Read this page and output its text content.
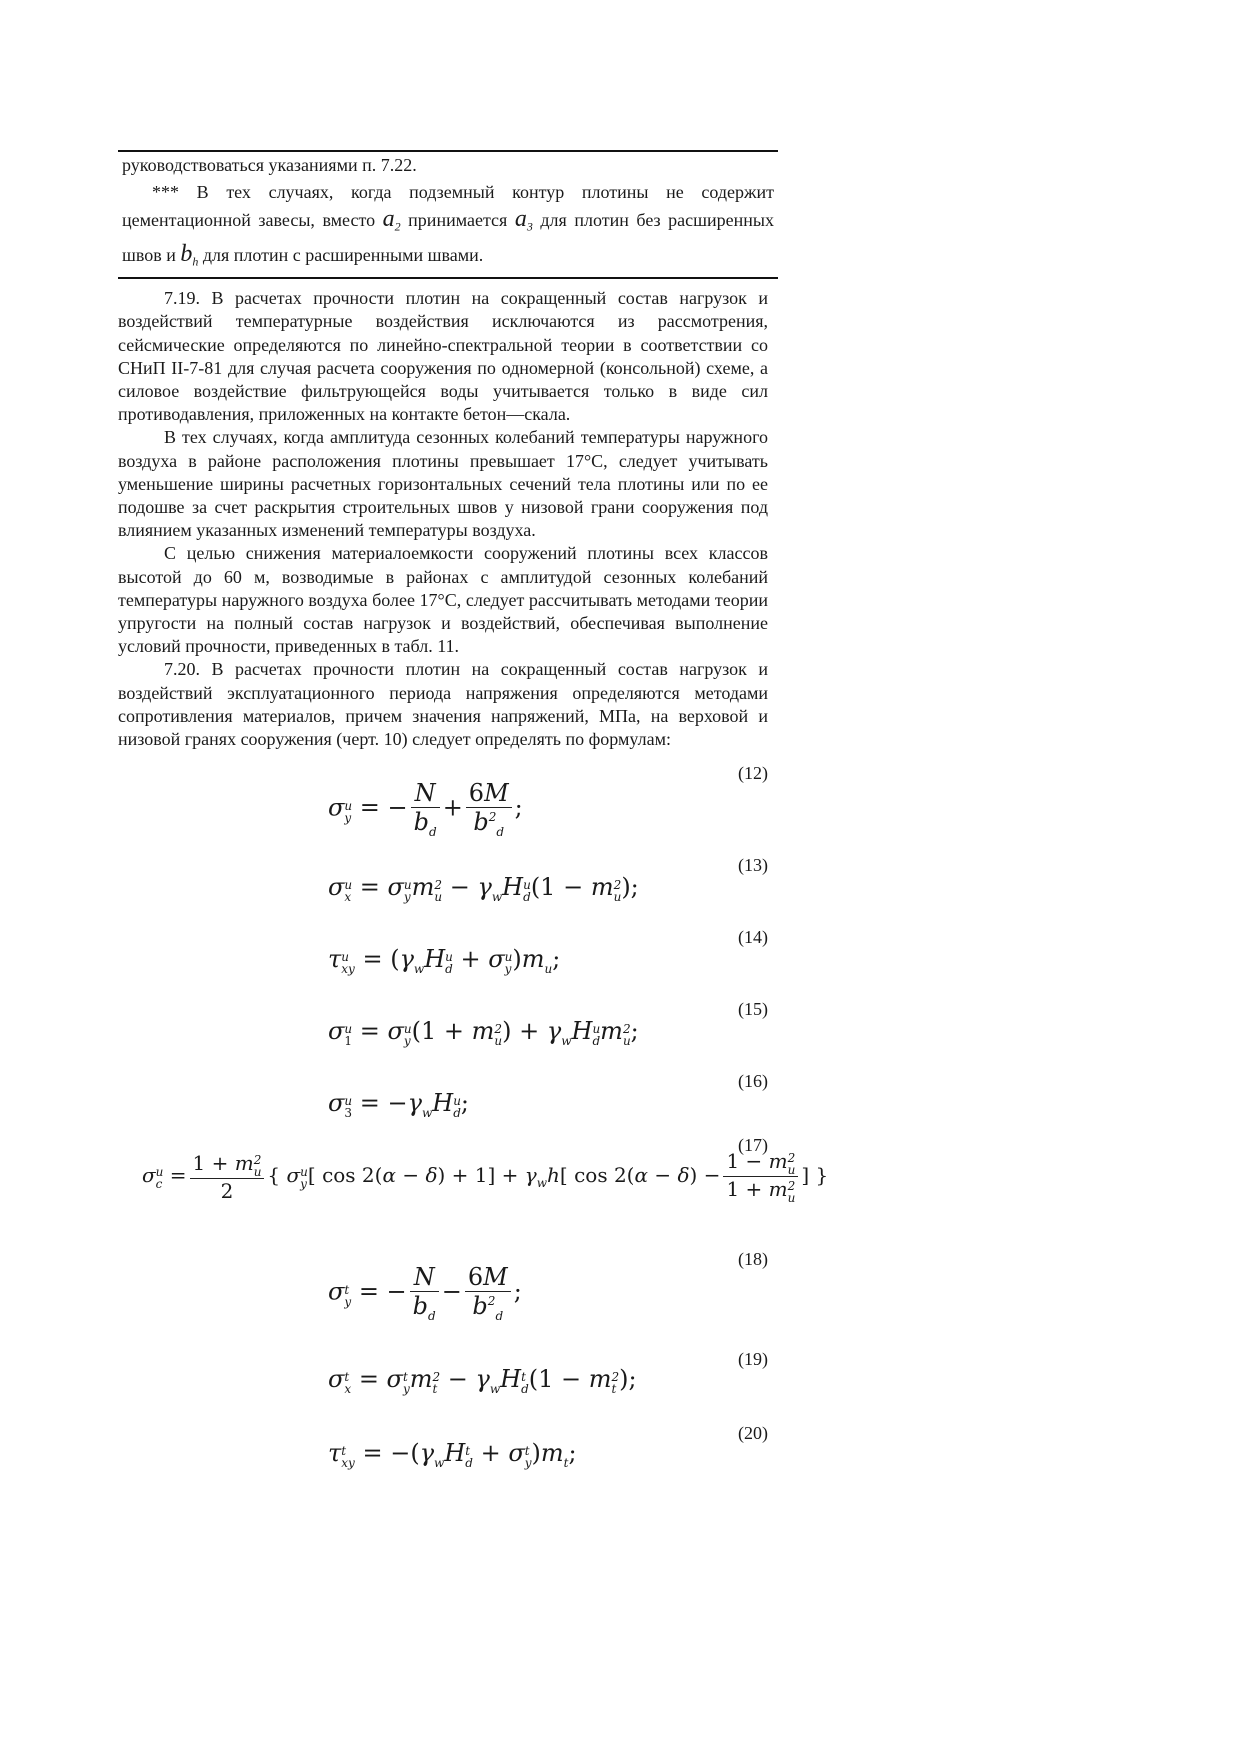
руководствоваться указаниями п. 7.22.

*** В тех случаях, когда подземный контур плотины не содержит цементационной завесы, вместо $a_2$ принимается $a_3$ для плотин без расширенных швов и $b_h$ для плотин с расширенными швами.

7.19. В расчетах прочности плотин на сокращенный состав нагрузок и воздействий температурные воздействия исключаются из рассмотрения, сейсмические определяются по линейно-спектральной теории в соответствии со СНиП II-7-81 для случая расчета сооружения по одномерной (консольной) схеме, а силовое воздействие фильтрующейся воды учитывается только в виде сил противодавления, приложенных на контакте бетон—скала.

В тех случаях, когда амплитуда сезонных колебаний температуры наружного воздуха в районе расположения плотины превышает 17°С, следует учитывать уменьшение ширины расчетных горизонтальных сечений тела плотины или по ее подошве за счет раскрытия строительных швов у низовой грани сооружения под влиянием указанных изменений температуры воздуха.

С целью снижения материалоемкости сооружений плотины всех классов высотой до 60 м, возводимые в районах с амплитудой сезонных колебаний температуры наружного воздуха более 17°С, следует рассчитывать методами теории упругости на полный состав нагрузок и воздействий, обеспечивая выполнение условий прочности, приведенных в табл. 11.

7.20. В расчетах прочности плотин на сокращенный состав нагрузок и воздействий эксплуатационного периода напряжения определяются методами сопротивления материалов, причем значения напряжений, МПа, на верховой и низовой гранях сооружения (черт. 10) следует определять по формулам:

(12)
σ u
y = − $\frac{N}{b_d} + \frac{6M}{b^2_d}$ ;
(13)
σ u
x = σ u
y m 2
$u - \gamma_wH$ u
d (1 − m 2
u );
(14)
τ u
xy = ($\gamma_wH$ u
d + σ u
y )$m_u$;
(15)
σ u
1 = σ u
y (1 + m 2
u ) + $\gamma_wH$ u
d m 2
u ;
(16)
σ u
$3 = -\gamma_wH$ u
d ;
(17)
σ u
c = 1 + m 2
u
2 { σ u
y [ $\cos 2(\alpha - \delta) + 1] + \gamma_wh$[ cos 2(α − δ) − 1 − m 2
u
1 + m 2
u ] }
(18)
σ t
y = − $\frac{N}{b_d} - \frac{6M}{b^2_d}$ ;
(19)
σ t
x = σ t
y m 2
$t - \gamma_wH$ t
d (1 − m 2
t );
(20)
τ t
xy = $-(\gamma_wH$ t
d + σ t
y )$m_t$;
